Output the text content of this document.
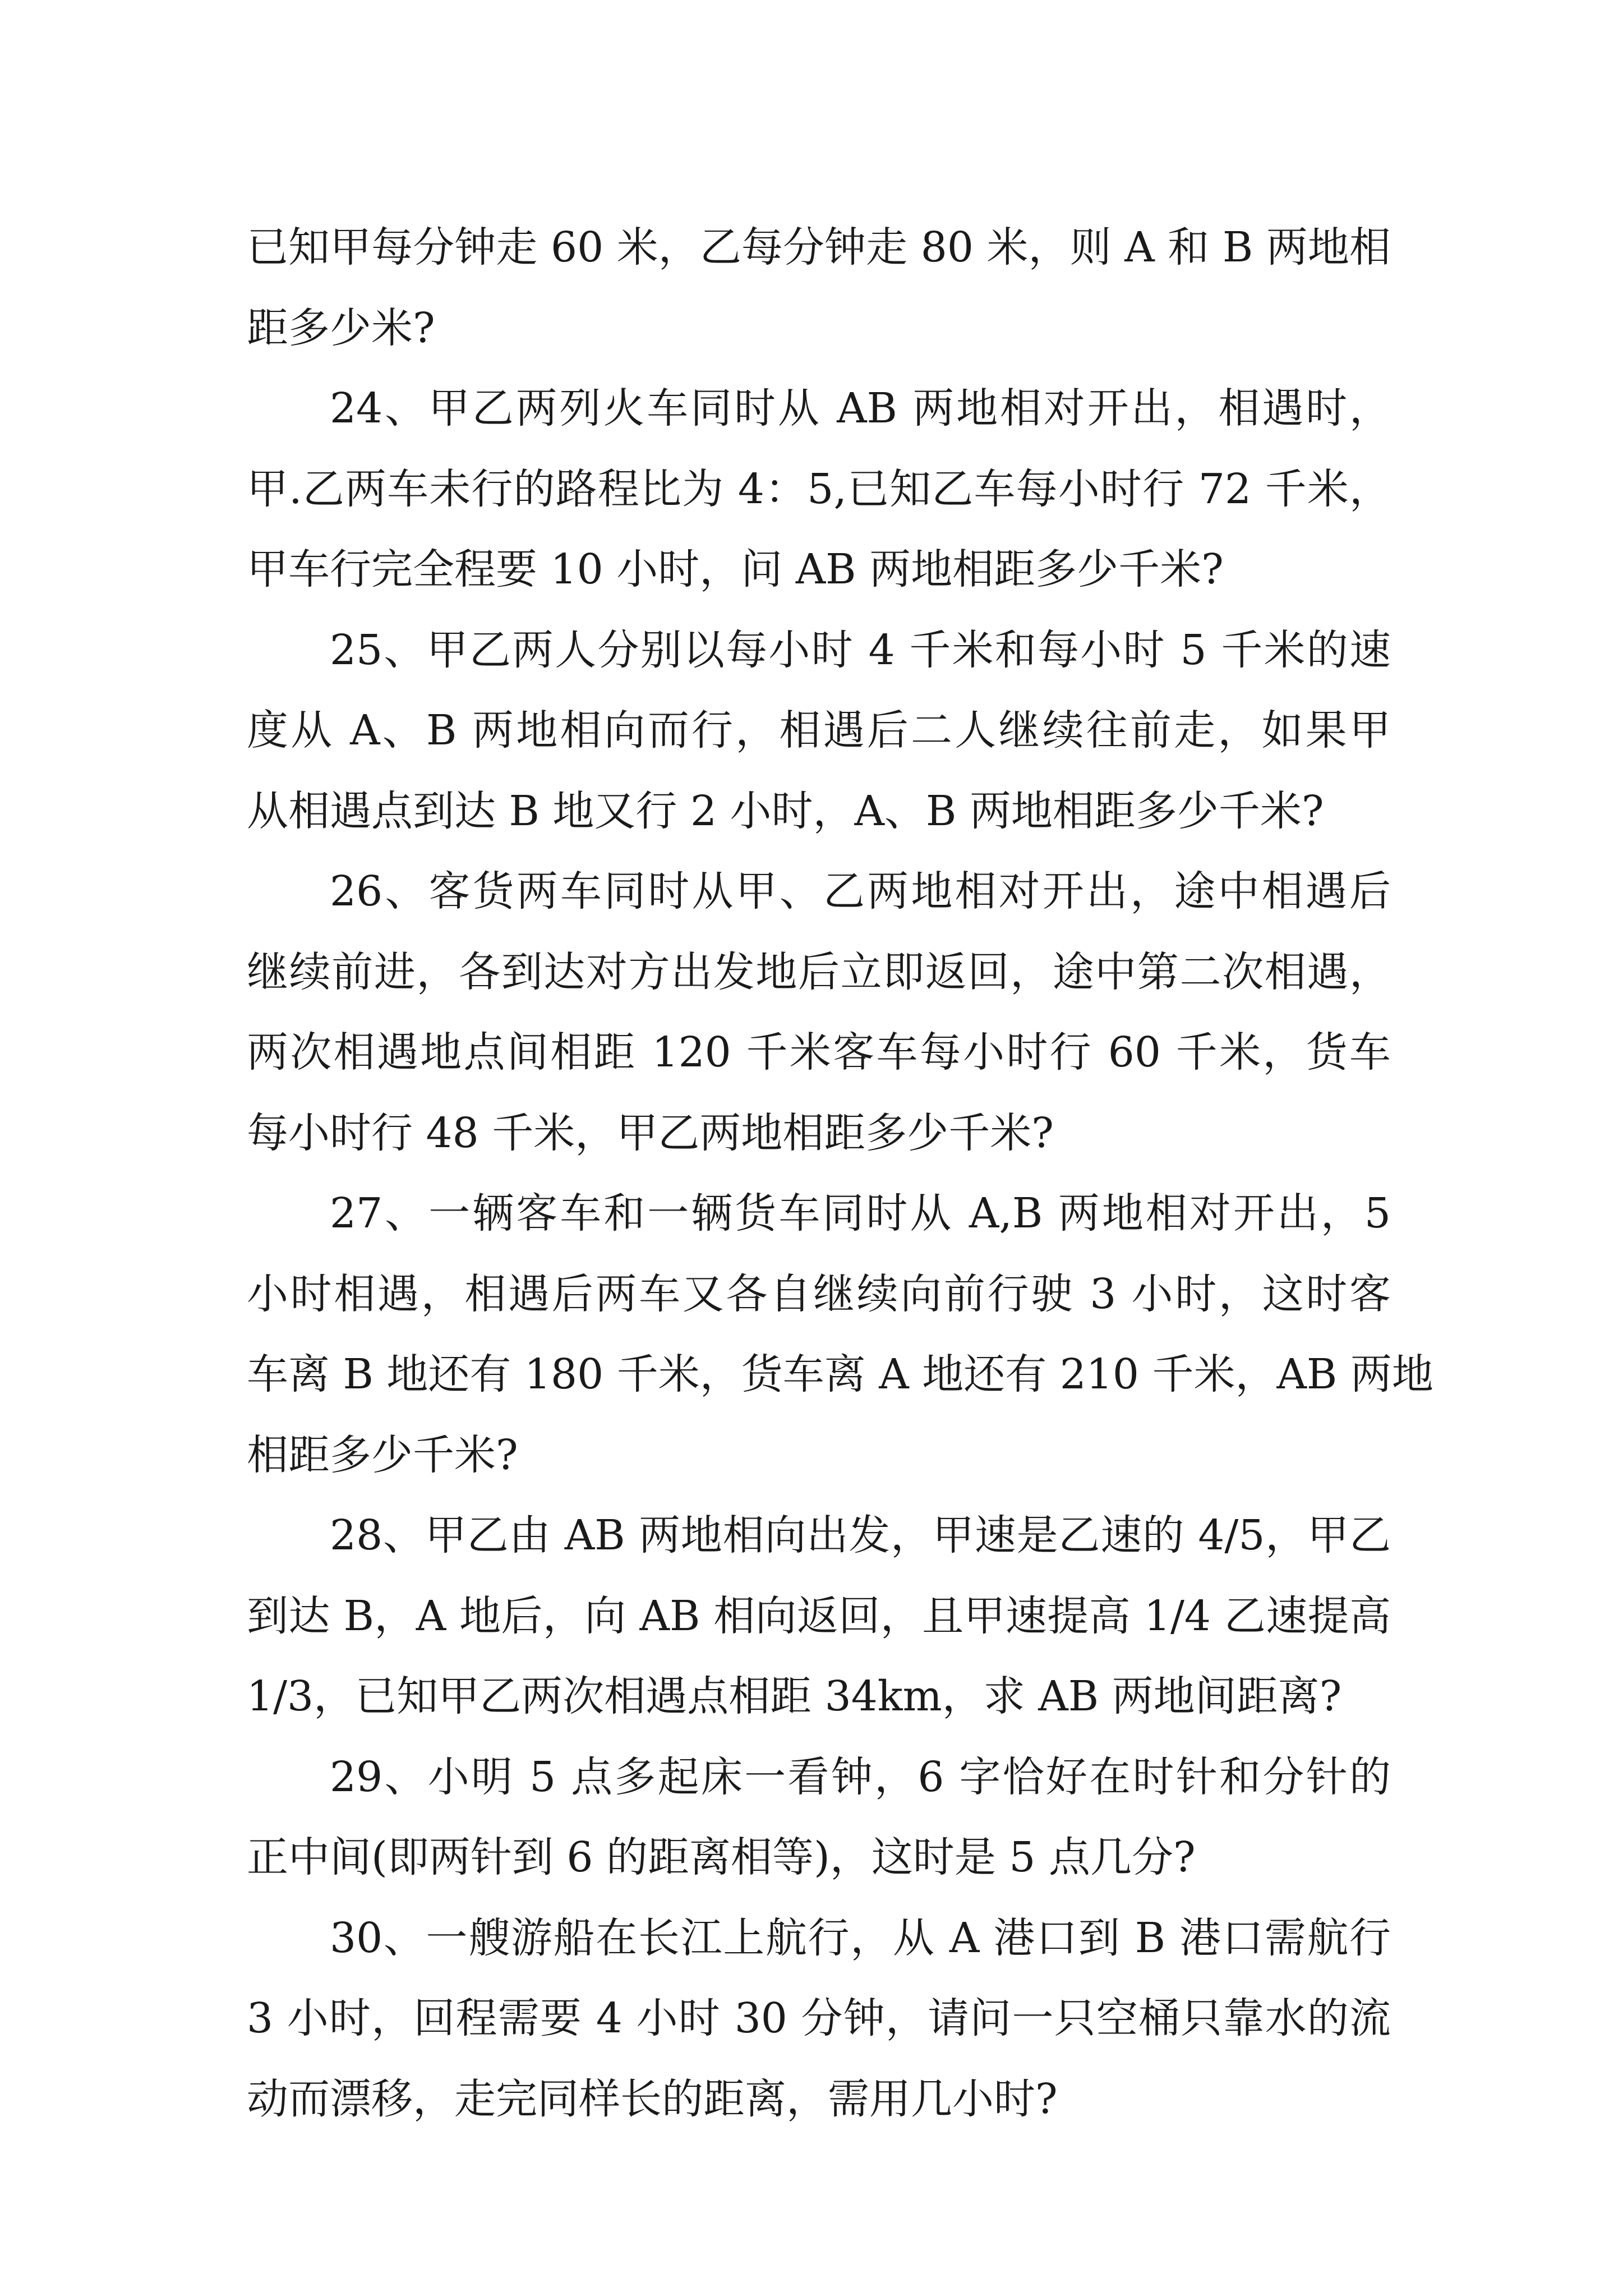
已知甲每分钟走 60 米，乙每分钟走 80 米，则 A 和 B 两地相
距多少米?
24、甲乙两列火车同时从 AB 两地相对开出，相遇时，
甲.乙两车未行的路程比为 4：5,已知乙车每小时行 72 千米，
甲车行完全程要 10 小时，问 AB 两地相距多少千米?
25、甲乙两人分别以每小时 4 千米和每小时 5 千米的速
度从 A、B 两地相向而行，相遇后二人继续往前走，如果甲
从相遇点到达 B 地又行 2 小时，A、B 两地相距多少千米?
26、客货两车同时从甲、乙两地相对开出，途中相遇后
继续前进，各到达对方出发地后立即返回，途中第二次相遇，
两次相遇地点间相距 120 千米客车每小时行 60 千米，货车
每小时行 48 千米，甲乙两地相距多少千米?
27、一辆客车和一辆货车同时从 A,B 两地相对开出，5
小时相遇，相遇后两车又各自继续向前行驶 3 小时，这时客
车离 B 地还有 180 千米，货车离 A 地还有 210 千米，AB 两地
相距多少千米?
28、甲乙由 AB 两地相向出发，甲速是乙速的 4/5，甲乙
到达 B，A 地后，向 AB 相向返回，且甲速提高 1/4 乙速提高
1/3，已知甲乙两次相遇点相距 34km，求 AB 两地间距离?
29、小明 5 点多起床一看钟，6 字恰好在时针和分针的
正中间(即两针到 6 的距离相等)，这时是 5 点几分?
30、一艘游船在长江上航行，从 A 港口到 B 港口需航行
3 小时，回程需要 4 小时 30 分钟，请问一只空桶只靠水的流
动而漂移，走完同样长的距离，需用几小时?
